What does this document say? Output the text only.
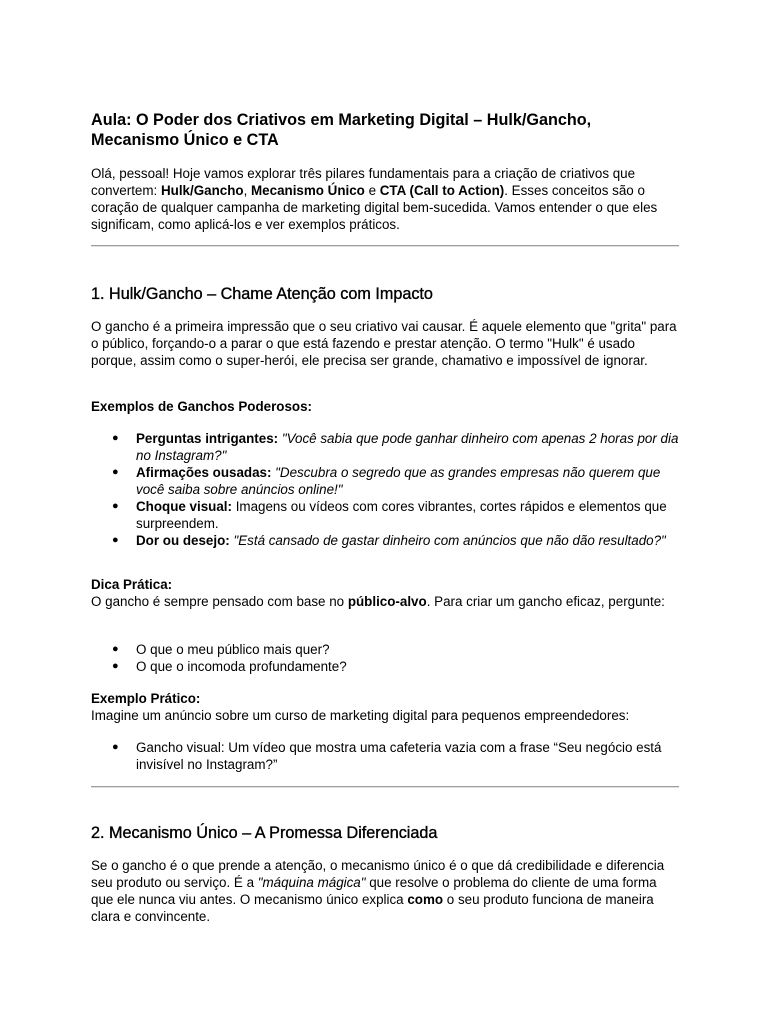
Aula: O Poder dos Criativos em Marketing Digital – Hulk/Gancho, Mecanismo Único e CTA

Olá, pessoal! Hoje vamos explorar três pilares fundamentais para a criação de criativos que convertem: Hulk/Gancho, Mecanismo Único e CTA (Call to Action). Esses conceitos são o coração de qualquer campanha de marketing digital bem-sucedida. Vamos entender o que eles significam, como aplicá-los e ver exemplos práticos.

1. Hulk/Gancho – Chame Atenção com Impacto

O gancho é a primeira impressão que o seu criativo vai causar. É aquele elemento que "grita" para o público, forçando-o a parar o que está fazendo e prestar atenção. O termo "Hulk" é usado porque, assim como o super-herói, ele precisa ser grande, chamativo e impossível de ignorar.

Exemplos de Ganchos Poderosos:

● Perguntas intrigantes: "Você sabia que pode ganhar dinheiro com apenas 2 horas por dia no Instagram?"
● Afirmações ousadas: "Descubra o segredo que as grandes empresas não querem que você saiba sobre anúncios online!"
● Choque visual: Imagens ou vídeos com cores vibrantes, cortes rápidos e elementos que surpreendem.
● Dor ou desejo: "Está cansado de gastar dinheiro com anúncios que não dão resultado?"

Dica Prática:

O gancho é sempre pensado com base no público-alvo. Para criar um gancho eficaz, pergunte:

● O que o meu público mais quer?
● O que o incomoda profundamente?

Exemplo Prático:

Imagine um anúncio sobre um curso de marketing digital para pequenos empreendedores:

● Gancho visual: Um vídeo que mostra uma cafeteria vazia com a frase “Seu negócio está invisível no Instagram?”
2. Mecanismo Único – A Promessa Diferenciada

Se o gancho é o que prende a atenção, o mecanismo único é o que dá credibilidade e diferencia seu produto ou serviço. É a "máquina mágica" que resolve o problema do cliente de uma forma que ele nunca viu antes. O mecanismo único explica como o seu produto funciona de maneira clara e convincente.
